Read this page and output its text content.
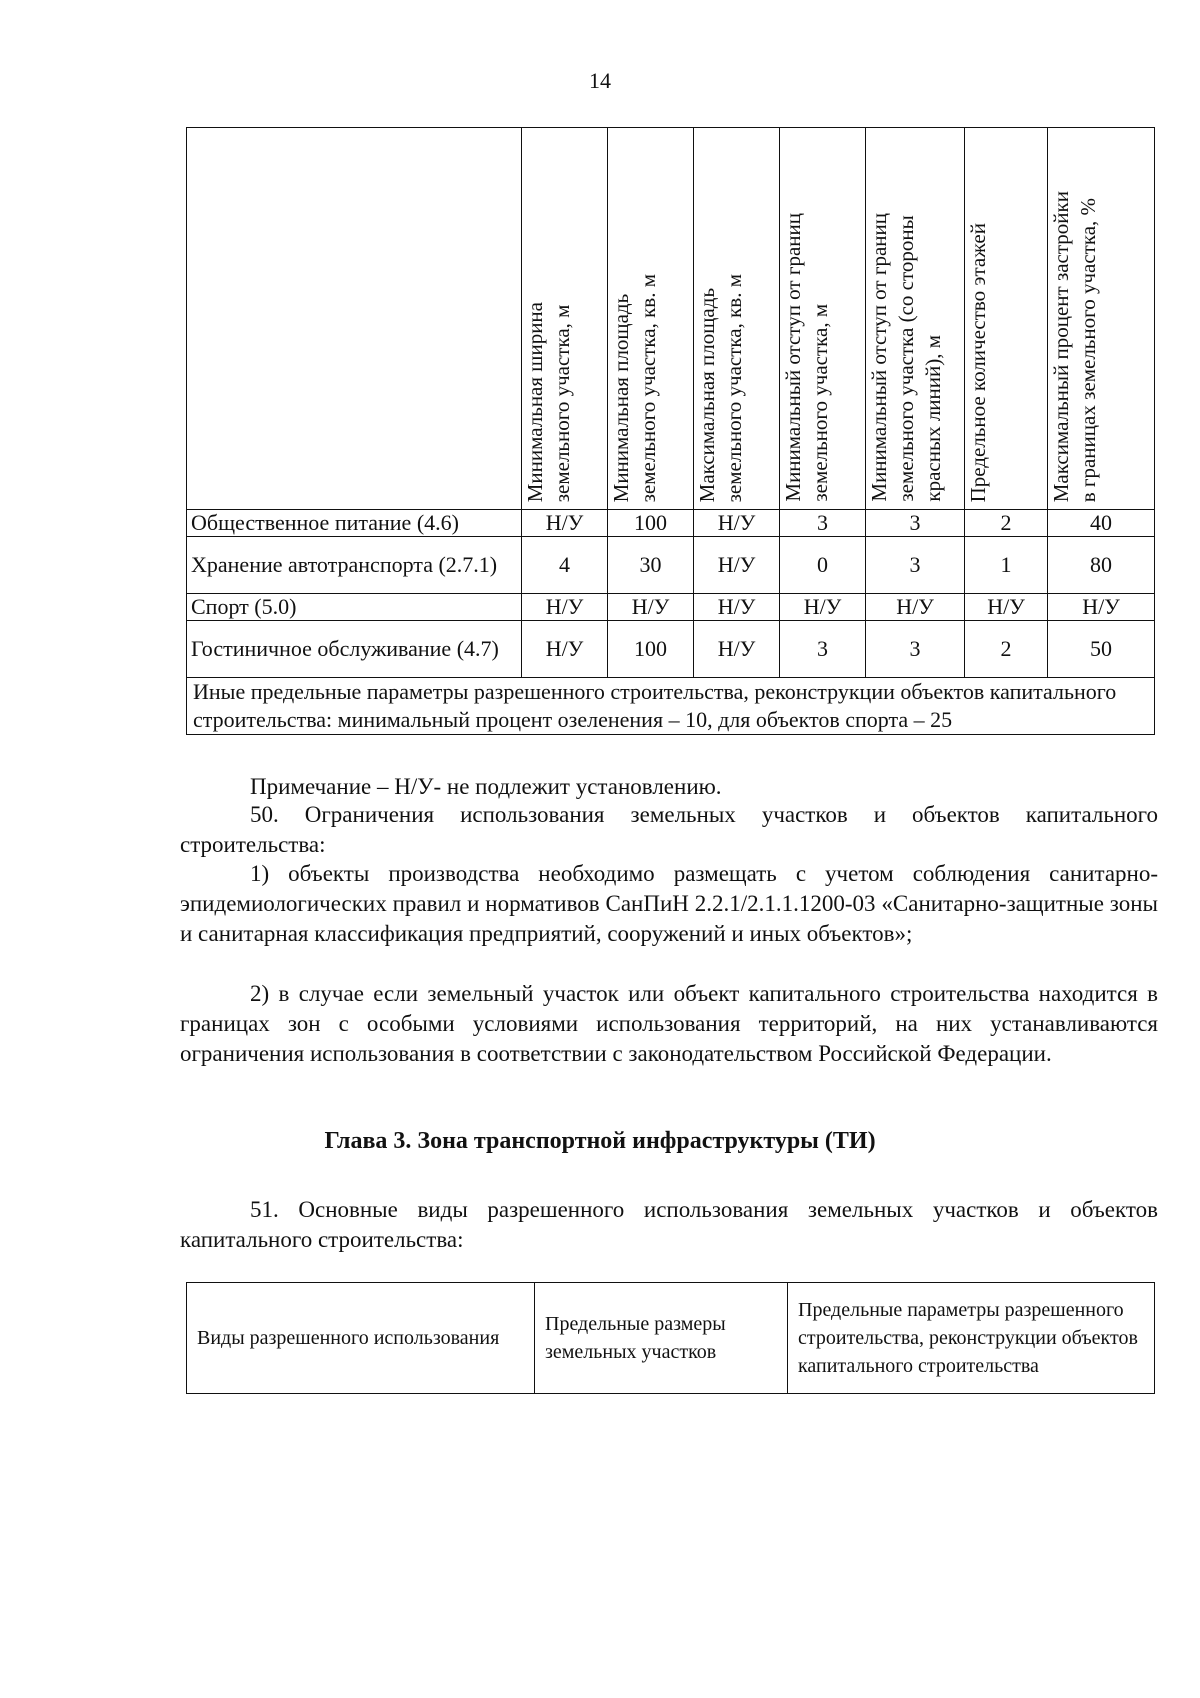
14
	Минимальная ширина земельного участка, м	Минимальная площадь земельного участка, кв. м	Максимальная площадь земельного участка, кв. м	Минимальный отступ от границ земельного участка, м	Минимальный отступ от границ земельного участка (со стороны красных линий), м	Предельное количество этажей	Максимальный процент застройки в границах земельного участка, %
Общественное питание (4.6)	Н/У	100	Н/У	3	3	2	40
Хранение автотранспорта (2.7.1)	4	30	Н/У	0	3	1	80
Спорт (5.0)	Н/У	Н/У	Н/У	Н/У	Н/У	Н/У	Н/У
Гостиничное обслуживание (4.7)	Н/У	100	Н/У	3	3	2	50
Иные предельные параметры разрешенного строительства, реконструкции объектов капитального строительства: минимальный процент озеленения – 10, для объектов спорта – 25							
Примечание – Н/У- не подлежит установлению.
50. Ограничения использования земельных участков и объектов капитального строительства:
1) объекты производства необходимо размещать с учетом соблюдения санитарно-эпидемиологических правил и нормативов СанПиН 2.2.1/2.1.1.1200-03 «Санитарно-защитные зоны и санитарная классификация предприятий, сооружений и иных объектов»;
2) в случае если земельный участок или объект капитального строительства находится в границах зон с особыми условиями использования территорий, на них устанавливаются ограничения использования в соответствии с законодательством Российской Федерации.
Глава 3. Зона транспортной инфраструктуры (ТИ)
51. Основные виды разрешенного использования земельных участков и объектов капитального строительства:
Виды разрешенного использования	Предельные размеры земельных участков	Предельные параметры разрешенного строительства, реконструкции объектов капитального строительства
